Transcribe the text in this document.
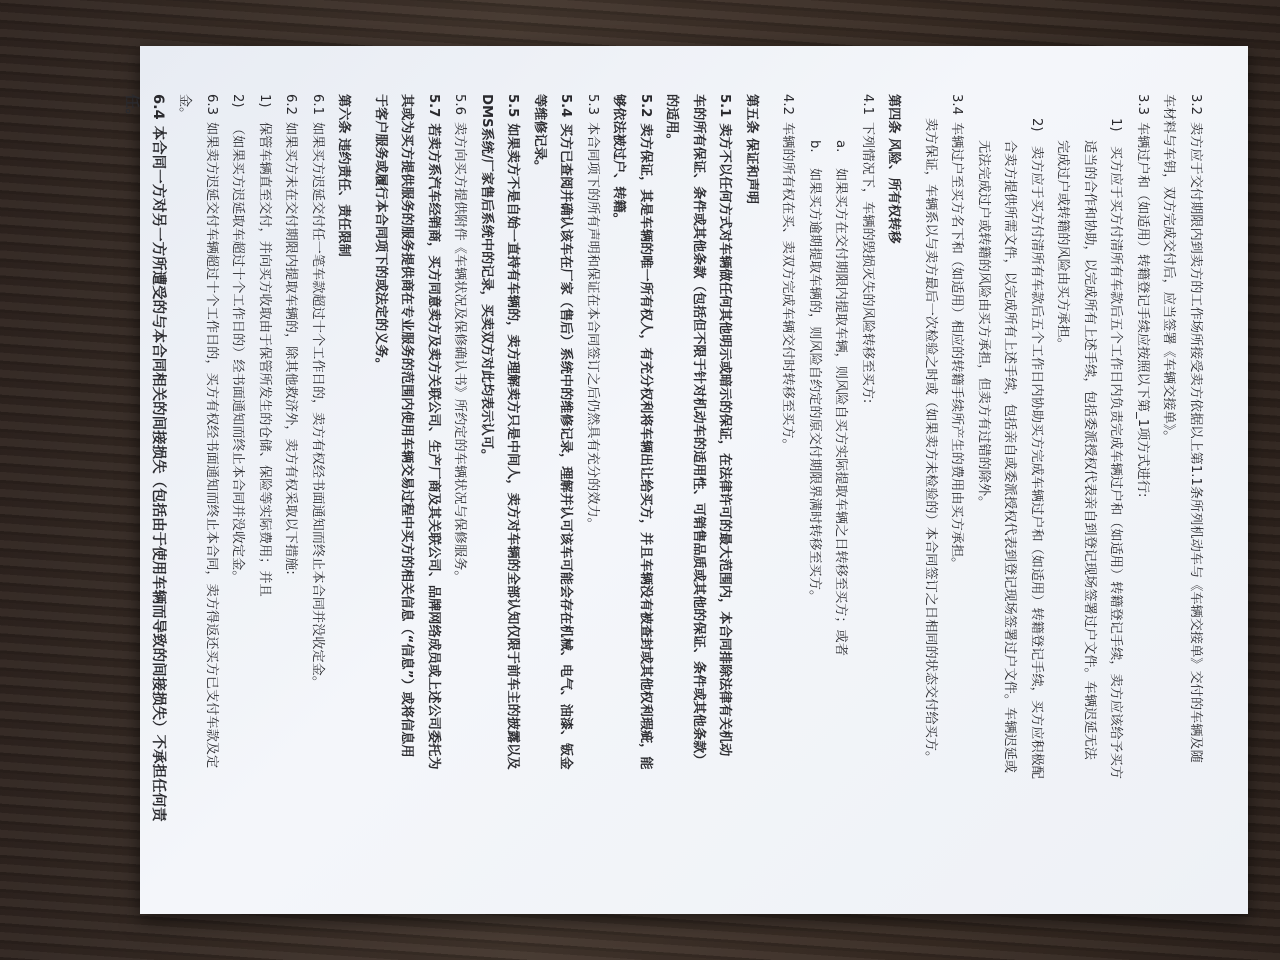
3.2卖方应于交付期限内到卖方的工作场所接受卖方依据以上第1.1条所列机动车与《车辆交接单》交付的车辆及随
车材料与车钥，双方完成交付后，应当签署《车辆交接单》。
3.3车辆过户和（如适用）转籍登记手续应按照以下第_1项方式进行:
1)买方应于买方付清所有车款后五个工作日内负责完成车辆过户和（如适用）转籍登记手续，卖方应该给予买方
适当的合作和协助，以完成所有上述手续，包括委派授权代表亲自到登记现场签署过户文件。车辆迟延无法
完成过户或转籍的风险由买方承担。
2)卖方应于买方付清所有车款后五个工作日内协助买方完成车辆过户和（如适用）转籍登记手续，买方应积极配
合卖方提供所需文件，以完成所有上述手续，包括亲自或委派授权代表到登记现场签署过户文件。车辆迟延或
无法完成过户或转籍的风险由买方承担，但卖方有过错的除外。
3.4车辆过户至买方名下和（如适用）相应的转籍手续所产生的费用由买方承担。
卖方保证，车辆系以与卖方最后一次检验之时或（如果卖方未检验的）本合同签订之日相同的状态交付给买方。
第四条 风险、所有权转移
4.1下列情况下，车辆的毁损灭失的风险转移至买方:
a.如果买方在交付期限内提取车辆，则风险自买方实际提取车辆之日转移至买方；或者
b.如果买方逾期提取车辆的，则风险自约定的原交付期限界满时转移至买方。
4.2车辆的所有权在买、卖双方完成车辆交付时转移至买方。
第五条 保证和声明
5.1卖方不以任何方式对车辆做任何其他明示或暗示的保证，在法律许可的最大范围内，本合同排除法律有关机动
车的所有保证、条件或其他条款（包括但不限于针对机动车的适用性、可销售品质或其他的保证、条件或其他条款）
的适用。
5.2卖方保证，其是车辆的唯一所有权人，有充分权利将车辆出让给买方，并且车辆没有被查封或其他权利瑕疵，能
够依法被过户、转籍。
5.3本合同项下的所有声明和保证在本合同签订之后仍然具有充分的效力。
5.4买方已查阅并确认该车在厂家（售后）系统中的维修记录，理解并认可该车可能会存在机械、电气、油漆、钣金
等维修记录。
5.5如果卖方不是自始一直持有车辆的，卖方理解卖方只是中间人，卖方对车辆的全部认知仅限于前车主的披露以及
DMS系统/厂家售后系统中的记录，买卖双方对此均表示认可。
5.6卖方向买方提供附件《车辆状况及保修确认书》所约定的车辆状况与保修服务。
5.7若卖方系汽车经销商，买方同意卖方及卖方关联公司、生产厂商及其关联公司、品牌网络成员或上述公司委托为
其或为买方提供服务的服务提供商在专业服务的范围内使用车辆交易过程中买方的相关信息（“信息”）或将信息用
于客户服务或履行本合同项下的或法定的义务。
第六条 违约责任、责任限制
6.1如果买方迟延交付任一笔车款超过十个工作日的，卖方有权经书面通知而终止本合同并没收定金。
6.2如果买方未在交付期限内提取车辆的，除其他救济外，卖方有权采取以下措施:
1)保管车辆直至交付，并向买方收取由于保管所发生的仓储、保险等实际费用；并且
2)（如果买方迟延取车超过十个工作日的）经书面通知而终止本合同并没收定金。
6.3如果卖方迟延交付车辆超过十个工作日的，买方有权经书面通知而终止本合同，卖方得返还买方已支付车款及定
金。
6.4本合同一方对另一方所遭受的与本合同相关的间接损失（包括由于使用车辆而导致的间接损失）不承担任何责
任。
